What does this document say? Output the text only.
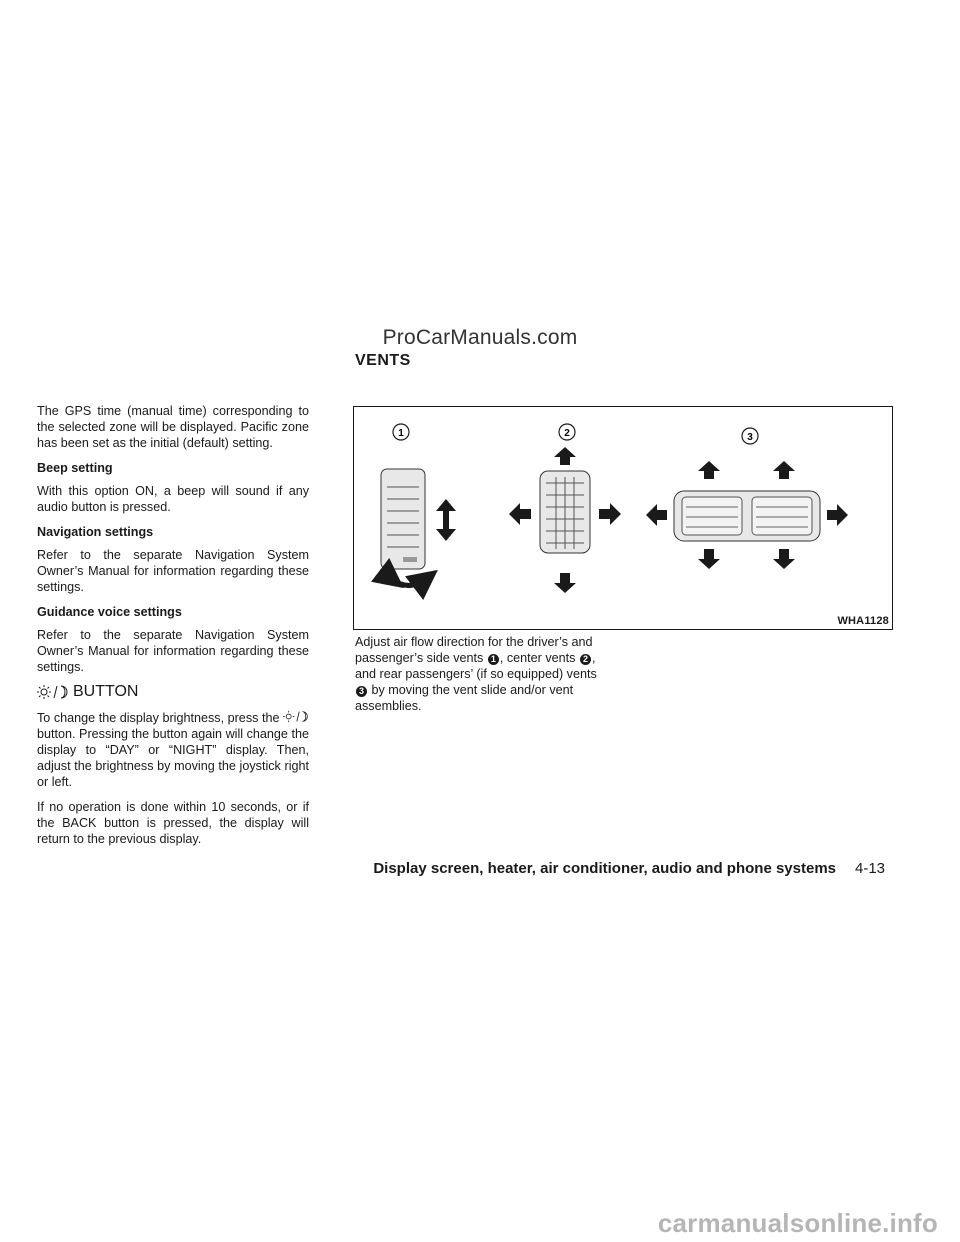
ProCarManuals.com
VENTS

The GPS time (manual time) corresponding to the selected zone will be displayed. Pacific zone has been set as the initial (default) setting.

Beep setting

With this option ON, a beep will sound if any audio button is pressed.

Navigation settings

Refer to the separate Navigation System Owner’s Manual for information regarding these settings.

Guidance voice settings

Refer to the separate Navigation System Owner’s Manual for information regarding these settings.

BUTTON

To change the display brightness, press the  button. Pressing the button again will change the display to “DAY” or “NIGHT” display. Then, adjust the brightness by moving the joystick right or left.

If no operation is done within 10 seconds, or if the BACK button is pressed, the display will return to the previous display.

1	2	3
WHA1128
Adjust air flow direction for the driver’s and passenger’s side vents 1 , center vents 2 , and rear passengers’ (if so equipped) vents 3 by moving the vent slide and/or vent assemblies.
Display screen, heater, air conditioner, audio and phone systems 4-13
carmanualsonline.info
